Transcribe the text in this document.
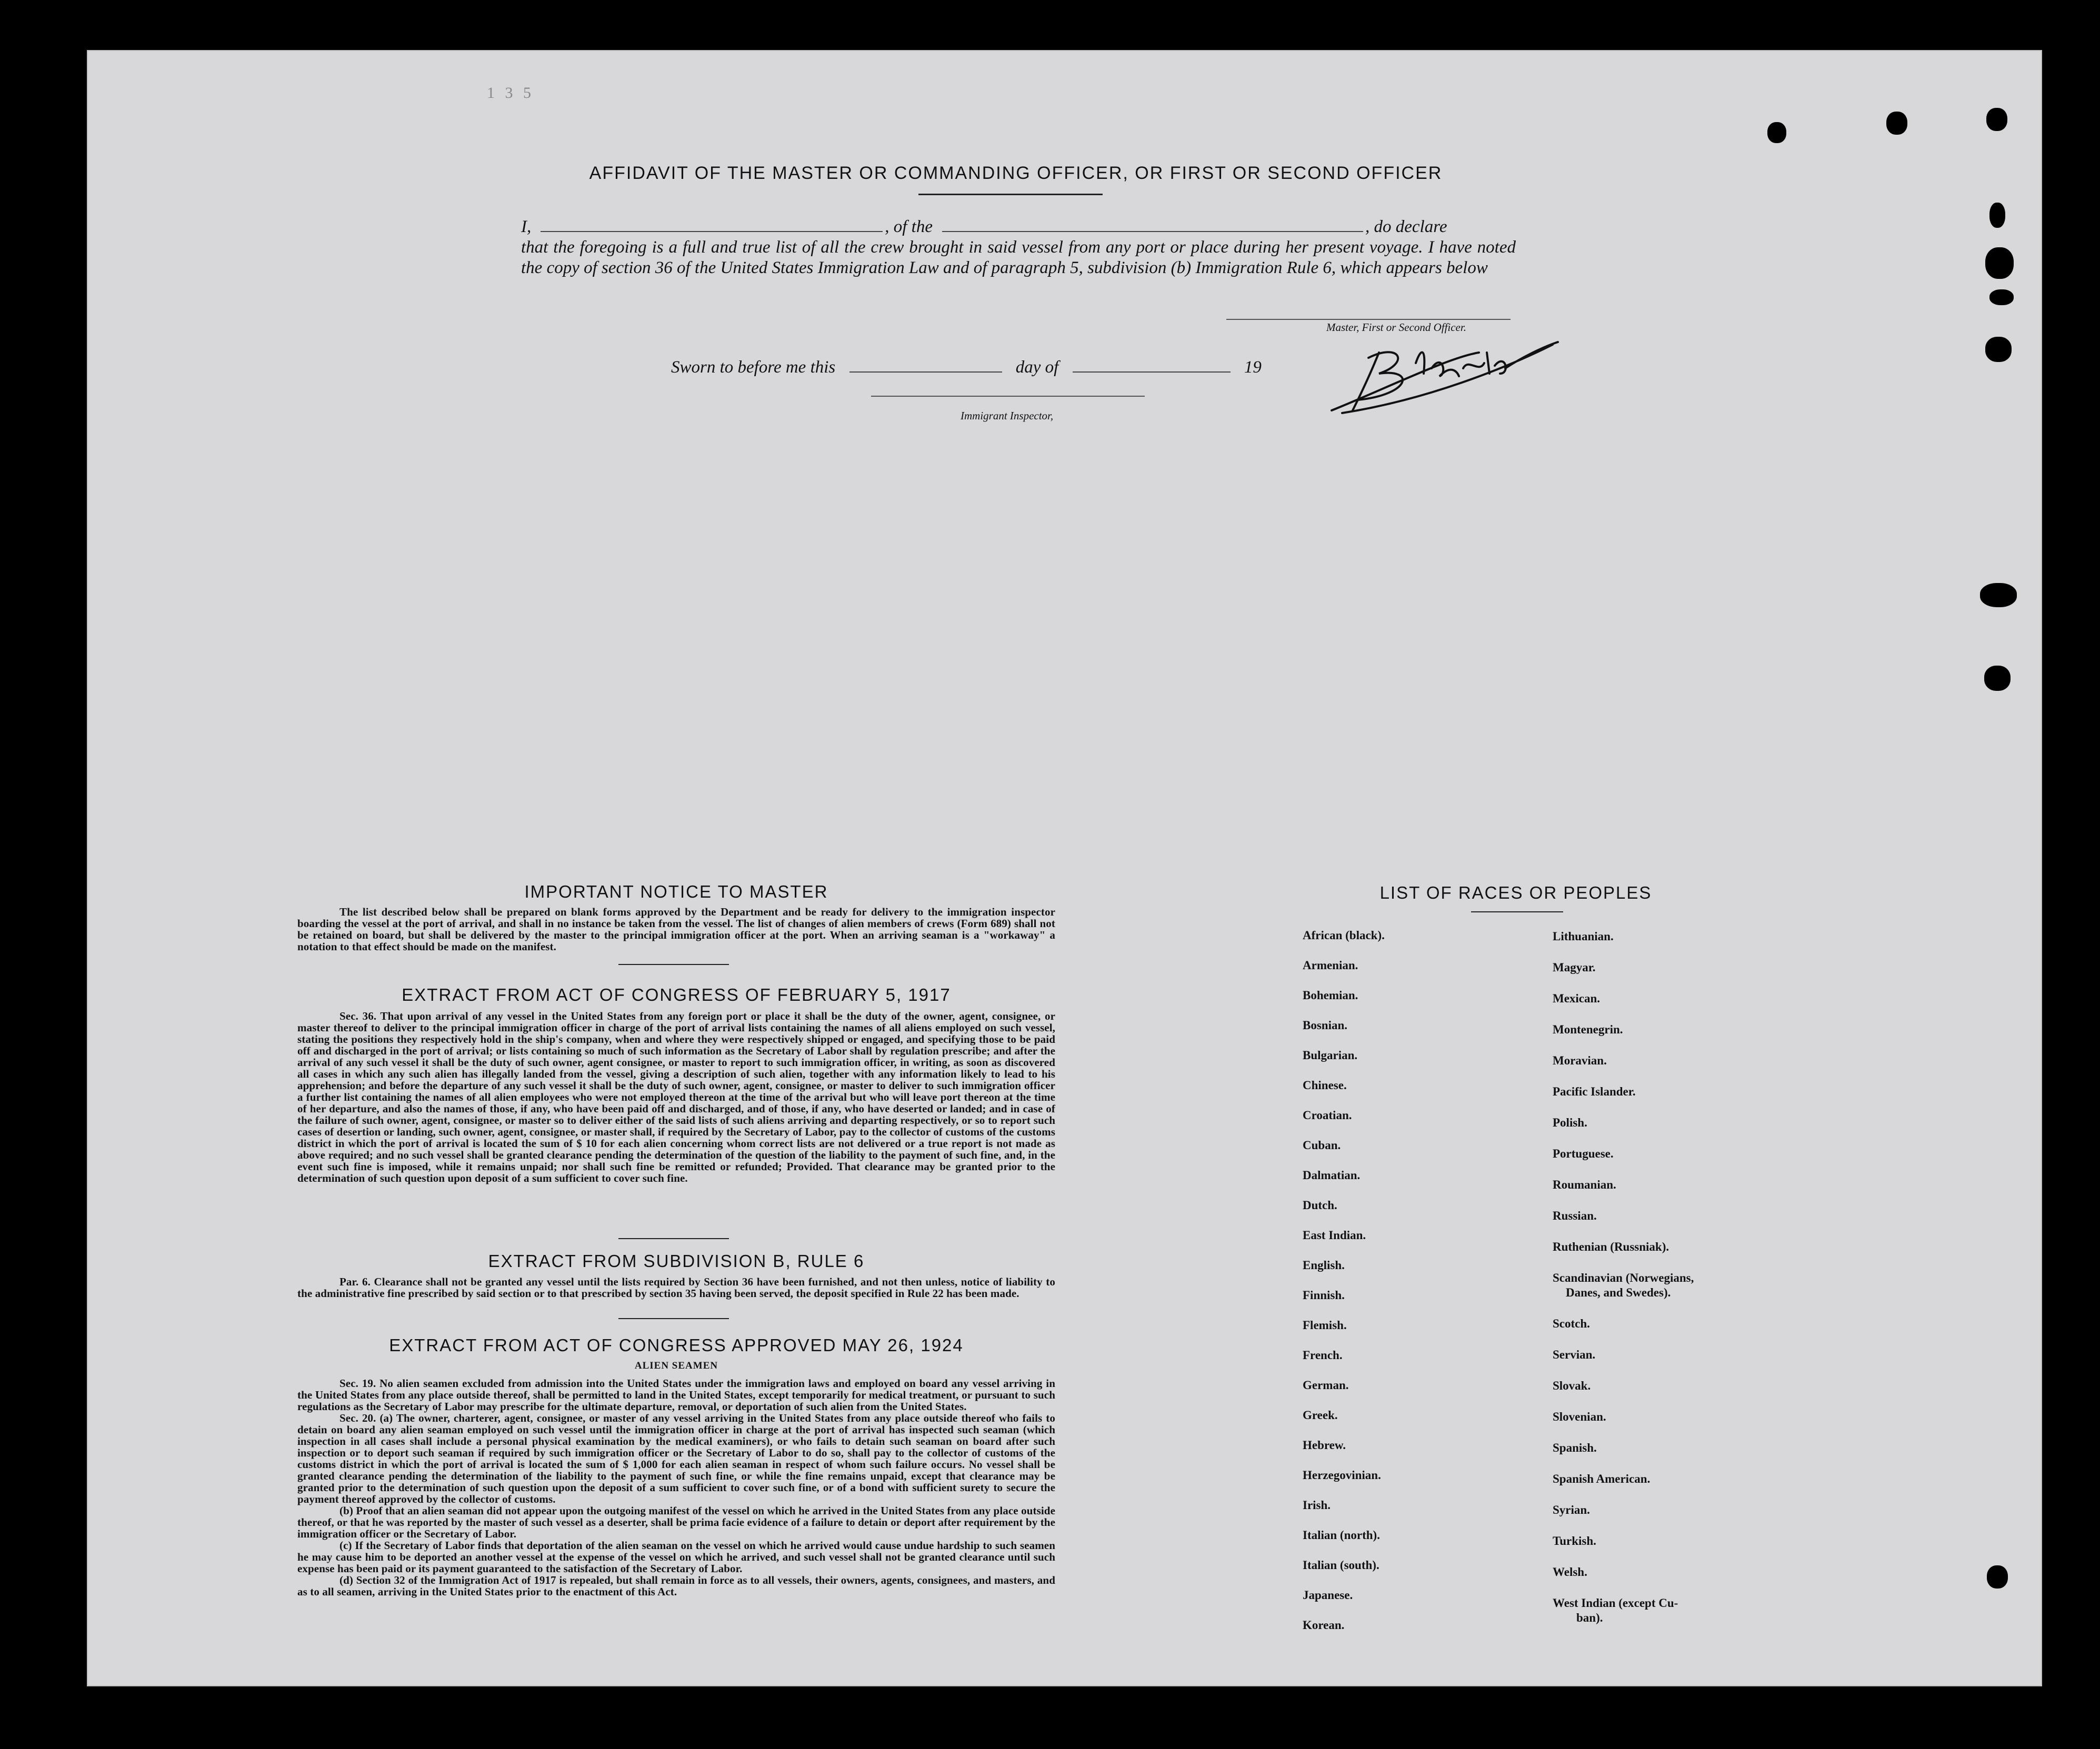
1 3 5
AFFIDAVIT OF THE MASTER OR COMMANDING OFFICER, OR FIRST OR SECOND OFFICER
I,	, of the	, do declare
that the foregoing is a full and true list of all the crew brought in said vessel from any port or place during her present voyage. I have noted the copy of section 36 of the United States Immigration Law and of paragraph 5, subdivision (b) Immigration Rule 6, which appears below
Master, First or Second Officer.
Sworn to before me this	day of	19
Immigrant Inspector,
IMPORTANT NOTICE TO MASTER

The list described below shall be prepared on blank forms approved by the Department and be ready for delivery to the immigration inspector boarding the vessel at the port of arrival, and shall in no instance be taken from the vessel. The list of changes of alien members of crews (Form 689) shall not be retained on board, but shall be delivered by the master to the principal immigration officer at the port. When an arriving seaman is a "workaway" a notation to that effect should be made on the manifest.

EXTRACT FROM ACT OF CONGRESS OF FEBRUARY 5, 1917

Sec. 36. That upon arrival of any vessel in the United States from any foreign port or place it shall be the duty of the owner, agent, consignee, or master thereof to deliver to the principal immigration officer in charge of the port of arrival lists containing the names of all aliens employed on such vessel, stating the positions they respectively hold in the ship's company, when and where they were respectively shipped or engaged, and specifying those to be paid off and discharged in the port of arrival; or lists containing so much of such information as the Secretary of Labor shall by regulation prescribe; and after the arrival of any such vessel it shall be the duty of such owner, agent consignee, or master to report to such immigration officer, in writing, as soon as discovered all cases in which any such alien has illegally landed from the vessel, giving a description of such alien, together with any information likely to lead to his apprehension; and before the departure of any such vessel it shall be the duty of such owner, agent, consignee, or master to deliver to such immigration officer a further list containing the names of all alien employees who were not employed thereon at the time of the arrival but who will leave port thereon at the time of her departure, and also the names of those, if any, who have been paid off and discharged, and of those, if any, who have deserted or landed; and in case of the failure of such owner, agent, consignee, or master so to deliver either of the said lists of such aliens arriving and departing respectively, or so to report such cases of desertion or landing, such owner, agent, consignee, or master shall, if required by the Secretary of Labor, pay to the collector of customs of the customs district in which the port of arrival is located the sum of $ 10 for each alien concerning whom correct lists are not delivered or a true report is not made as above required; and no such vessel shall be granted clearance pending the determination of the question of the liability to the payment of such fine, and, in the event such fine is imposed, while it remains unpaid; nor shall such fine be remitted or refunded; Provided. That clearance may be granted prior to the determination of such question upon deposit of a sum sufficient to cover such fine.

EXTRACT FROM SUBDIVISION B, RULE 6

Par. 6. Clearance shall not be granted any vessel until the lists required by Section 36 have been furnished, and not then unless, notice of liability to the administrative fine prescribed by said section or to that prescribed by section 35 having been served, the deposit specified in Rule 22 has been made.

EXTRACT FROM ACT OF CONGRESS APPROVED MAY 26, 1924
ALIEN SEAMEN

Sec. 19. No alien seamen excluded from admission into the United States under the immigration laws and employed on board any vessel arriving in the United States from any place outside thereof, shall be permitted to land in the United States, except temporarily for medical treatment, or pursuant to such regulations as the Secretary of Labor may prescribe for the ultimate departure, removal, or deportation of such alien from the United States.

Sec. 20. (a) The owner, charterer, agent, consignee, or master of any vessel arriving in the United States from any place outside thereof who fails to detain on board any alien seaman employed on such vessel until the immigration officer in charge at the port of arrival has inspected such seaman (which inspection in all cases shall include a personal physical examination by the medical examiners), or who fails to detain such seaman on board after such inspection or to deport such seaman if required by such immigration officer or the Secretary of Labor to do so, shall pay to the collector of customs of the customs district in which the port of arrival is located the sum of $ 1,000 for each alien seaman in respect of whom such failure occurs. No vessel shall be granted clearance pending the determination of the liability to the payment of such fine, or while the fine remains unpaid, except that clearance may be granted prior to the determination of such question upon the deposit of a sum sufficient to cover such fine, or of a bond with sufficient surety to secure the payment thereof approved by the collector of customs.

(b) Proof that an alien seaman did not appear upon the outgoing manifest of the vessel on which he arrived in the United States from any place outside thereof, or that he was reported by the master of such vessel as a deserter, shall be prima facie evidence of a failure to detain or deport after requirement by the immigration officer or the Secretary of Labor.

(c) If the Secretary of Labor finds that deportation of the alien seaman on the vessel on which he arrived would cause undue hardship to such seamen he may cause him to be deported an another vessel at the expense of the vessel on which he arrived, and such vessel shall not be granted clearance until such expense has been paid or its payment guaranteed to the satisfaction of the Secretary of Labor.

(d) Section 32 of the Immigration Act of 1917 is repealed, but shall remain in force as to all vessels, their owners, agents, consignees, and masters, and as to all seamen, arriving in the United States prior to the enactment of this Act.

LIST OF RACES OR PEOPLES
African (black).
Armenian.
Bohemian.
Bosnian.
Bulgarian.
Chinese.
Croatian.
Cuban.
Dalmatian.
Dutch.
East Indian.
English.
Finnish.
Flemish.
French.
German.
Greek.
Hebrew.
Herzegovinian.
Irish.
Italian (north).
Italian (south).
Japanese.
Korean.
Lithuanian.
Magyar.
Mexican.
Montenegrin.
Moravian.
Pacific Islander.
Polish.
Portuguese.
Roumanian.
Russian.
Ruthenian (Russniak).
Scandinavian (Norwegians,
Danes, and Swedes).
Scotch.
Servian.
Slovak.
Slovenian.
Spanish.
Spanish American.
Syrian.
Turkish.
Welsh.
West Indian (except Cu-
ban).
